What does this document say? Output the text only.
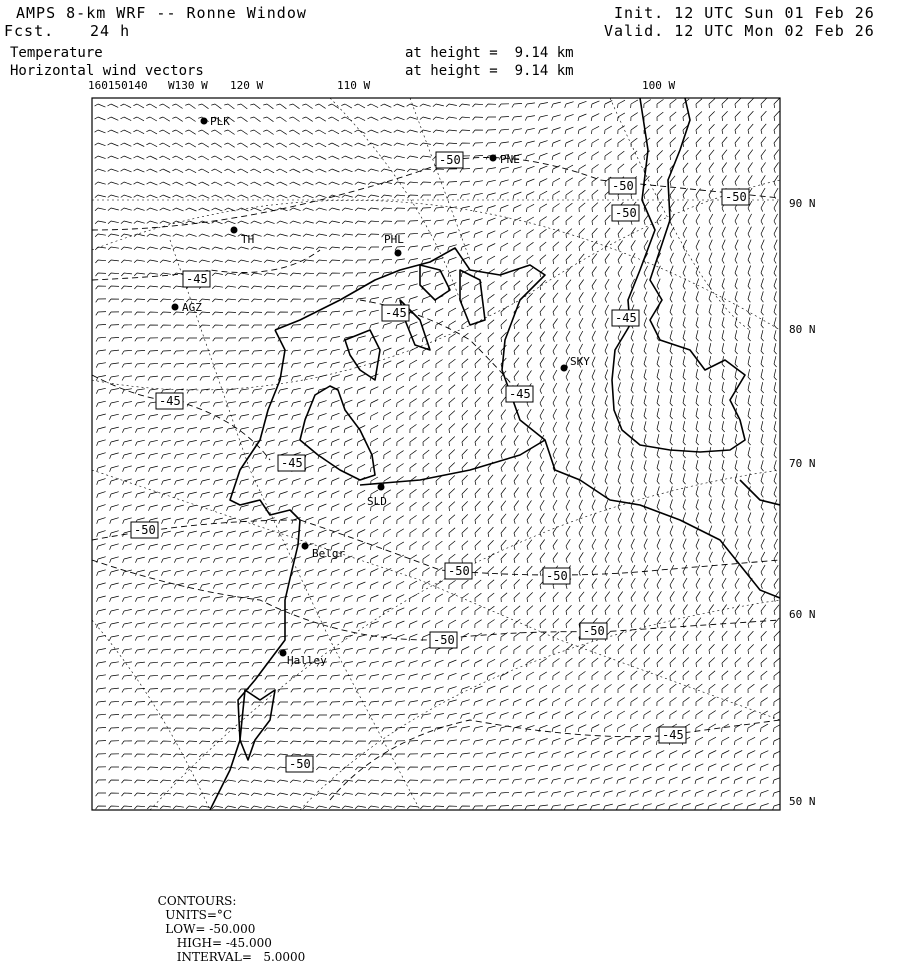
AMPS 8-km WRF -- Ronne Window
Fcst. 24 h
Init. 12 UTC Sun 01 Feb 26
Valid. 12 UTC Mon 02 Feb 26
Temperature
Horizontal wind vectors
at height =  9.14 km
at height =  9.14 km
-50
-50
-50
-50
-45
-45
-45	-45
-45
-50
-50	-50
-50
-50
-50
-45
-45
PLK
PNE
TH	PHL
AGZ
SKY
SLD
Belgr
Halley
160150140 W130 W 120 W	110 W	100 W
90 N
80 N
70 N
60 N
50 N

CONTOURS:
UNITS=°C
LOW= -50.000
HIGH= -45.000
INTERVAL=   5.0000
